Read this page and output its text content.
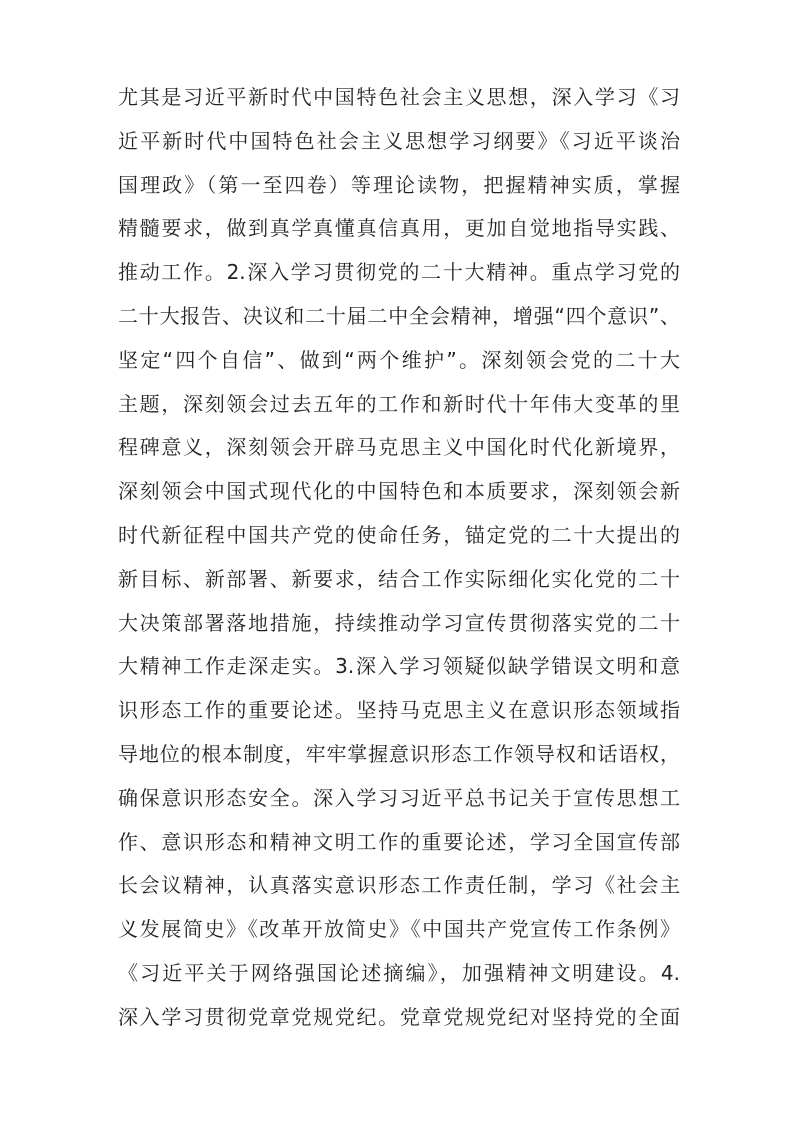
尤其是习近平新时代中国特色社会主义思想，深入学习《习
近平新时代中国特色社会主义思想学习纲要》《习近平谈治
国理政》（第一至四卷）等理论读物，把握精神实质，掌握
精髓要求，做到真学真懂真信真用，更加自觉地指导实践、
推动工作。2.深入学习贯彻党的二十大精神。重点学习党的
二十大报告、决议和二十届二中全会精神，增强“四个意识”、
坚定“四个自信”、做到“两个维护”。深刻领会党的二十大
主题，深刻领会过去五年的工作和新时代十年伟大变革的里
程碑意义，深刻领会开辟马克思主义中国化时代化新境界，
深刻领会中国式现代化的中国特色和本质要求，深刻领会新
时代新征程中国共产党的使命任务，锚定党的二十大提出的
新目标、新部署、新要求，结合工作实际细化实化党的二十
大决策部署落地措施，持续推动学习宣传贯彻落实党的二十
大精神工作走深走实。3.深入学习领疑似缺学错误文明和意
识形态工作的重要论述。坚持马克思主义在意识形态领域指
导地位的根本制度，牢牢掌握意识形态工作领导权和话语权，
确保意识形态安全。深入学习习近平总书记关于宣传思想工
作、意识形态和精神文明工作的重要论述，学习全国宣传部
长会议精神，认真落实意识形态工作责任制，学习《社会主
义发展简史》《改革开放简史》《中国共产党宣传工作条例》
《习近平关于网络强国论述摘编》，加强精神文明建设。4.
深入学习贯彻党章党规党纪。党章党规党纪对坚持党的全面
